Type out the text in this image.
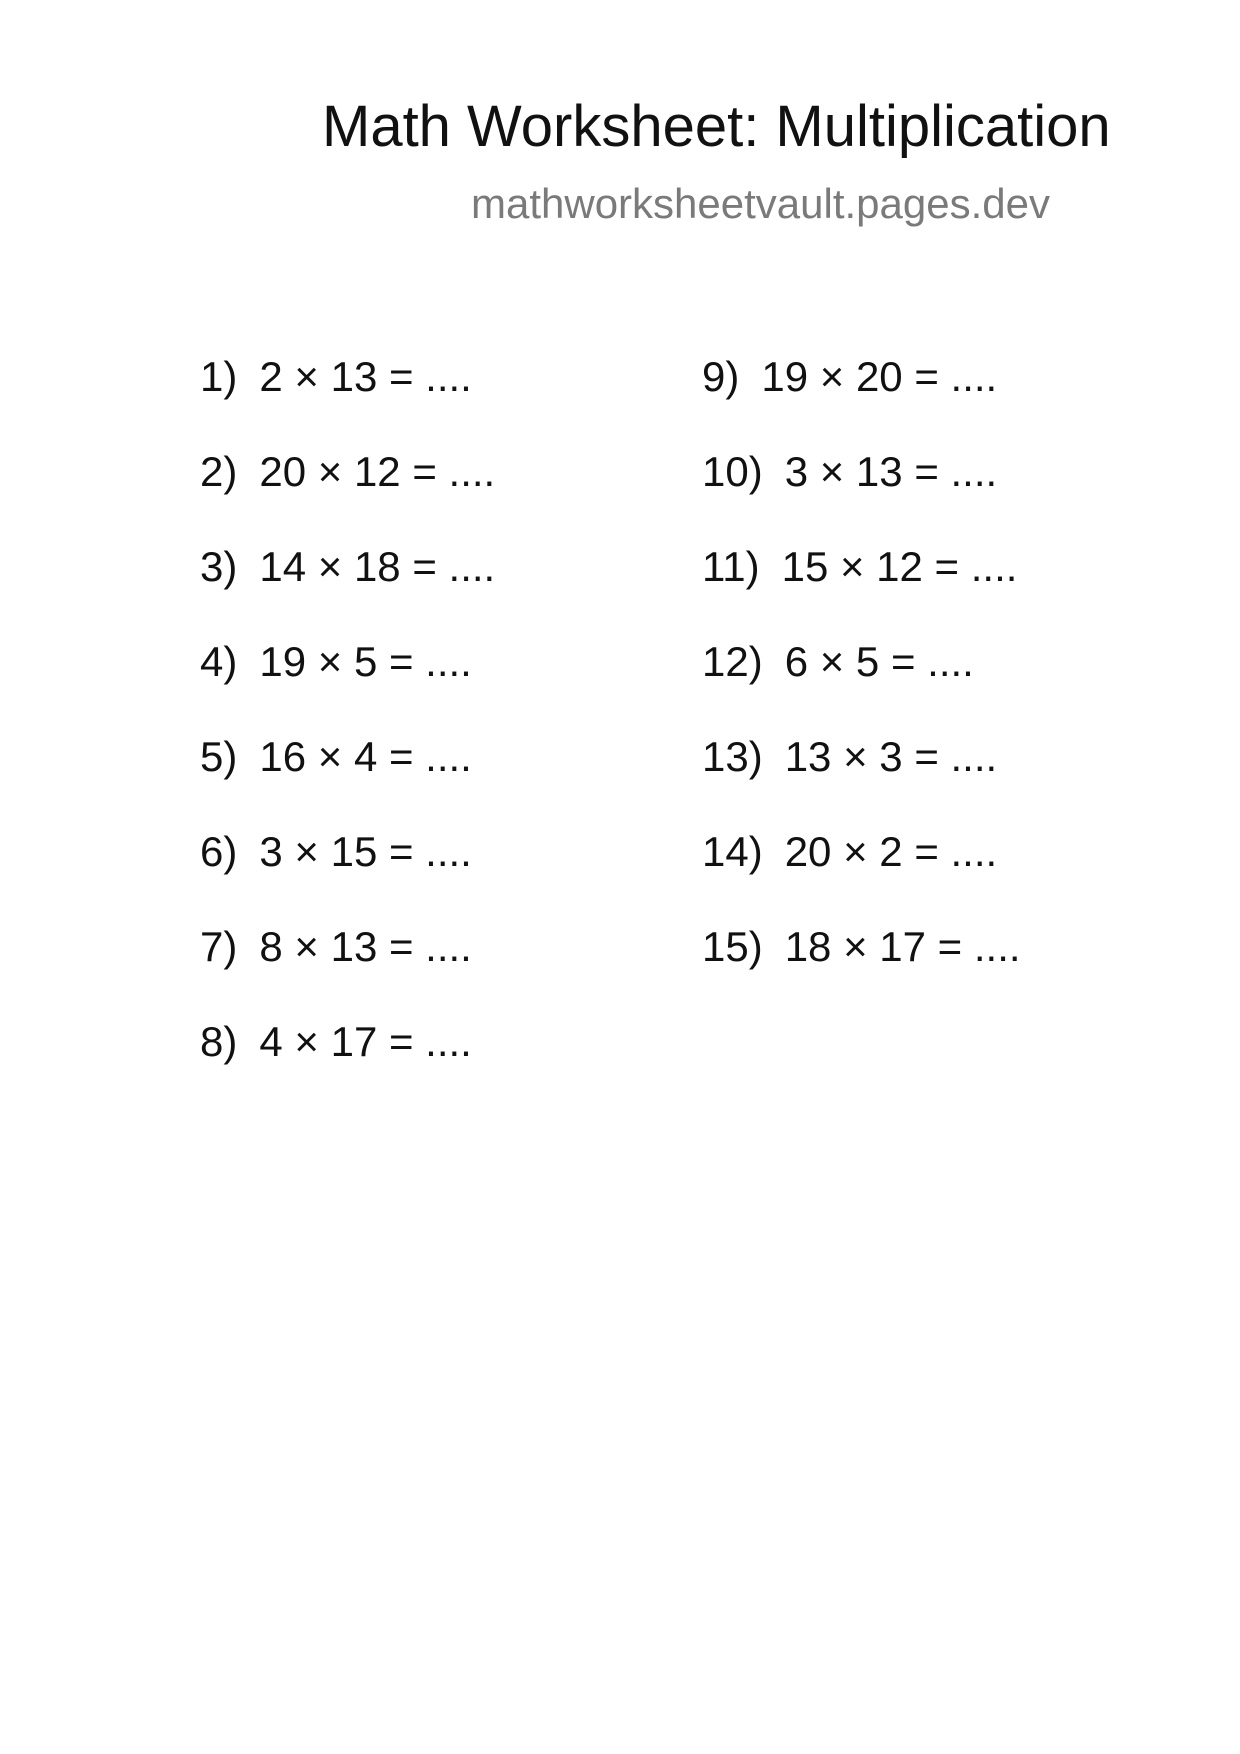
Math Worksheet: Multiplication
mathworksheetvault.pages.dev
1) 2 × 13 = ....
2) 20 × 12 = ....
3) 14 × 18 = ....
4) 19 × 5 = ....
5) 16 × 4 = ....
6) 3 × 15 = ....
7) 8 × 13 = ....
8) 4 × 17 = ....
9) 19 × 20 = ....
10) 3 × 13 = ....
11) 15 × 12 = ....
12) 6 × 5 = ....
13) 13 × 3 = ....
14) 20 × 2 = ....
15) 18 × 17 = ....
